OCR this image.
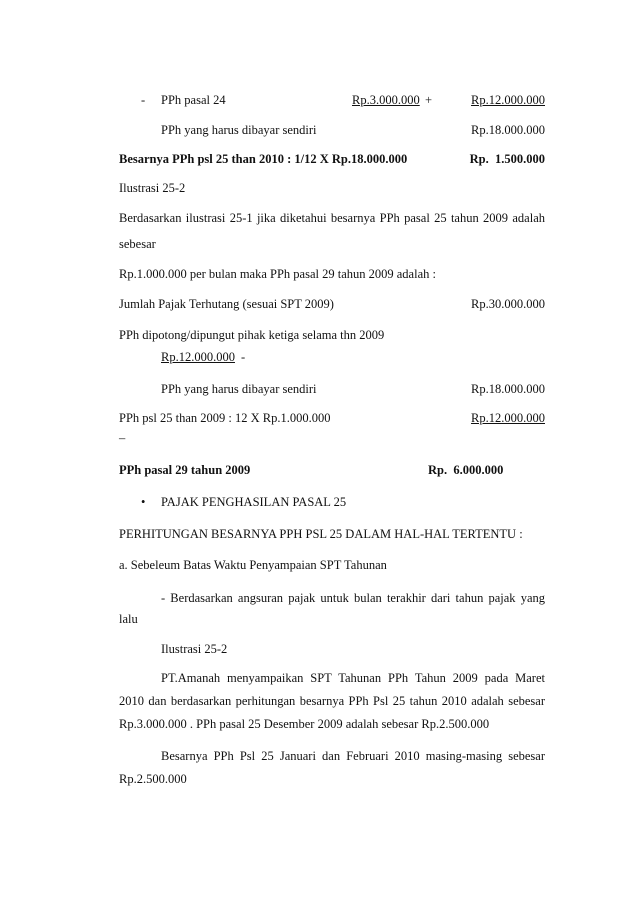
- PPh pasal 24	Rp.3.000.000 +	Rp.12.000.000
PPh yang harus dibayar sendiri	Rp.18.000.000
Besarnya PPh psl 25 than 2010 : 1/12 X Rp.18.000.000	Rp.  1.500.000
Ilustrasi 25-2
Berdasarkan ilustrasi 25-1 jika diketahui besarnya PPh pasal 25 tahun 2009 adalah
sebesar
Rp.1.000.000 per bulan maka PPh pasal 29 tahun 2009 adalah :
Jumlah Pajak Terhutang (sesuai SPT 2009)	Rp.30.000.000
PPh dipotong/dipungut pihak ketiga selama thn 2009
Rp.12.000.000 -
PPh yang harus dibayar sendiri	Rp.18.000.000
PPh psl 25 than 2009 : 12 X Rp.1.000.000	Rp.12.000.000
–
PPh pasal 29 tahun 2009	Rp.  6.000.000
• PAJAK PENGHASILAN PASAL 25
PERHITUNGAN BESARNYA PPH PSL 25 DALAM HAL-HAL TERTENTU :
a. Sebeleum Batas Waktu Penyampaian SPT Tahunan
- Berdasarkan angsuran pajak untuk bulan terakhir dari tahun pajak yang
lalu
Ilustrasi 25-2
PT.Amanah menyampaikan SPT Tahunan PPh Tahun 2009 pada Maret
2010 dan berdasarkan perhitungan besarnya PPh Psl 25 tahun 2010 adalah sebesar
Rp.3.000.000 . PPh pasal 25 Desember 2009 adalah sebesar Rp.2.500.000
Besarnya PPh Psl 25 Januari dan Februari 2010 masing-masing sebesar
Rp.2.500.000
